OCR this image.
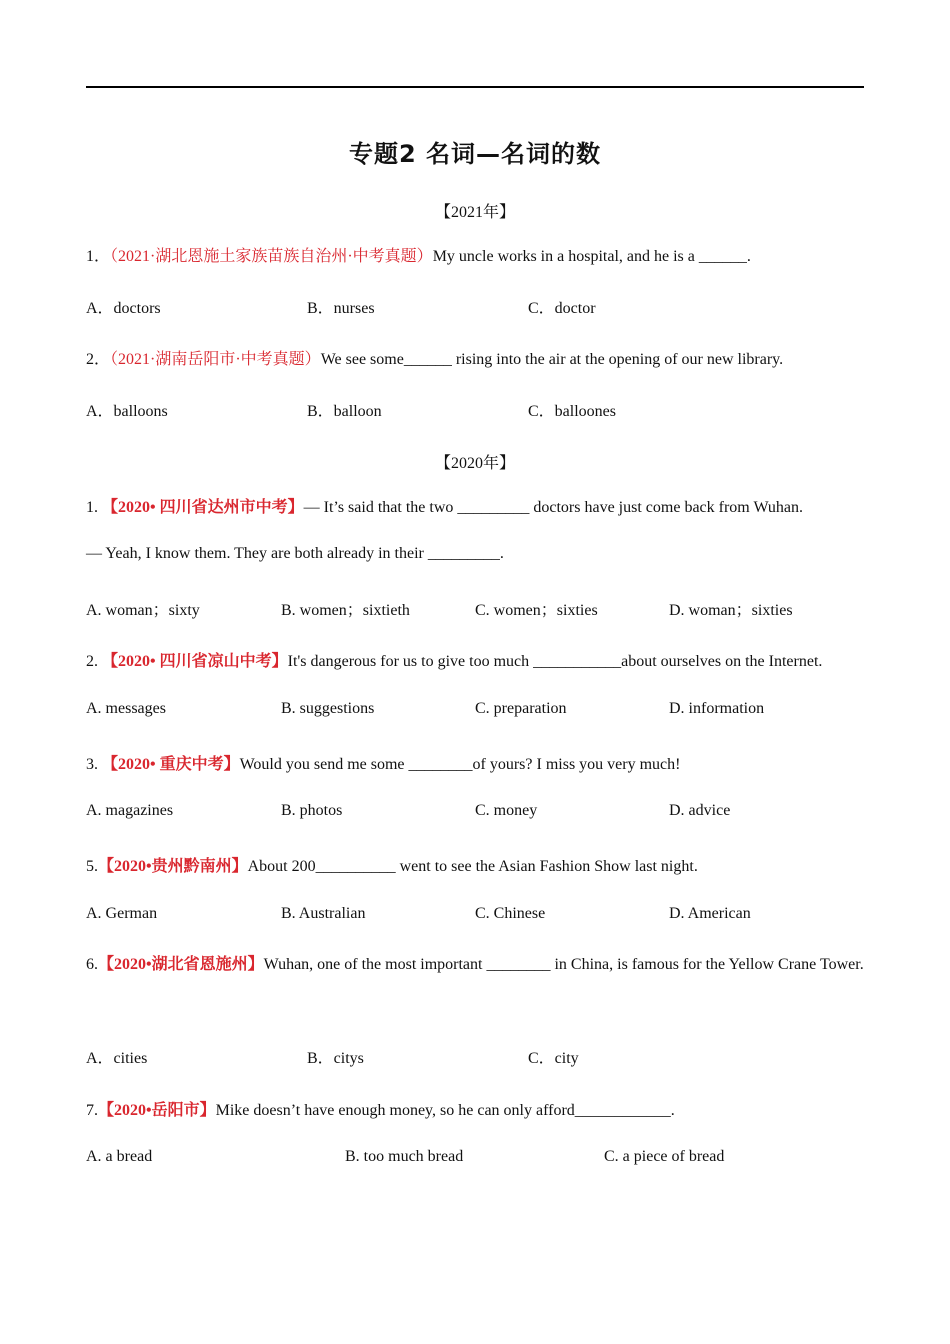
专题2 名词—名词的数
【2021年】
1．（2021·湖北恩施土家族苗族自治州·中考真题）My uncle works in a hospital, and he is a ______.
A．doctors	B．nurses	C．doctor
2．（2021·湖南岳阳市·中考真题）We see some______ rising into the air at the opening of our new library.
A．balloons	B．balloon	C．balloones
【2020年】
1. 【2020• 四川省达州市中考】— It’s said that the two _________ doctors have just come back from Wuhan.
— Yeah, I know them. They are both already in their _________.
A. woman；sixty	B. women；sixtieth	C. women；sixties	D. woman；sixties
2. 【2020• 四川省凉山中考】It's dangerous for us to give too much ___________about ourselves on the Internet.
A. messages	B. suggestions	C. preparation	D. information
3. 【2020• 重庆中考】Would you send me some ________of yours? I miss you very much!
A. magazines	B. photos	C. money	D. advice
5.【2020•贵州黔南州】About 200__________ went to see the Asian Fashion Show last night.
A. German	B. Australian	C. Chinese	D. American
6.【2020•湖北省恩施州】Wuhan, one of the most important ________ in China, is famous for the Yellow Crane Tower.
A．cities	B．citys	C．city
7.【2020•岳阳市】Mike doesn’t have enough money, so he can only afford____________.
A. a bread	B. too much bread	C. a piece of bread
